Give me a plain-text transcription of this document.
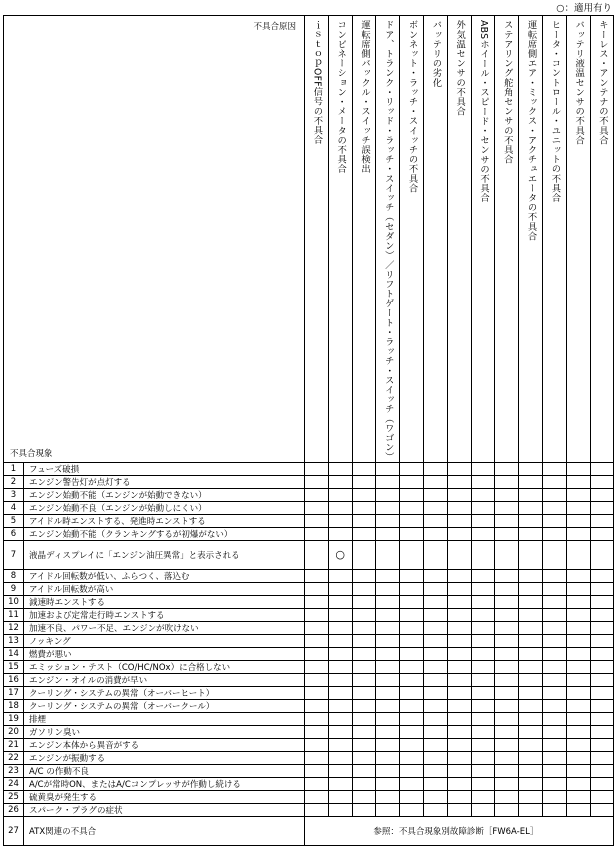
○：適用有り
不具合原因
不具合現象		ｉｓｔｏｐOFF信号の不具合	コンビネーション・メータの不具合	運転席側バックル・スイッチ誤検出	ドア、トランク・リッド・ラッチ・スイッチ（セダン）／リフトゲート・ラッチ・スイッチ（ワゴン）	ボンネット・ラッチ・スイッチの不具合	バッテリの劣化	外気温センサの不具合	ABSホイール・スピード・センサの不具合	ステアリング舵角センサの不具合	運転席側エア・ミックス・アクチュエータの不具合	ヒータ・コントロール・ユニットの不具合	バッテリ液温センサの不具合	キーレス・アンテナの不具合

1	フューズ破損													
2	エンジン警告灯が点灯する													
3	エンジン始動不能（エンジンが始動できない）													
4	エンジン始動不良（エンジンが始動しにくい）													
5	アイドル時エンストする、発進時エンストする													
6	エンジン始動不能（クランキングするが初爆がない）													
7	液晶ディスプレイに「エンジン油圧異常」と表示される		○											
8	アイドル回転数が低い、ふらつく、落込む													
9	アイドル回転数が高い													
10	減速時エンストする													
11	加速および定常走行時エンストする													
12	加速不良、パワー不足、エンジンが吹けない													
13	ノッキング													
14	燃費が悪い													
15	エミッション・テスト（CO/HC/NOx）に合格しない													
16	エンジン・オイルの消費が早い													
17	クーリング・システムの異常（オーバーヒート）													
18	クーリング・システムの異常（オーバークール）													
19	排煙													
20	ガソリン臭い													
21	エンジン本体から異音がする													
22	エンジンが振動する													
23	A/C の作動不良													
24	A/Cが常時ON、またはA/Cコンプレッサが作動し続ける													
25	硫黄臭が発生する													
26	スパーク・プラグの症状													
27	ATX関連の不具合	参照：不具合現象別故障診断［FW6A-EL］												
